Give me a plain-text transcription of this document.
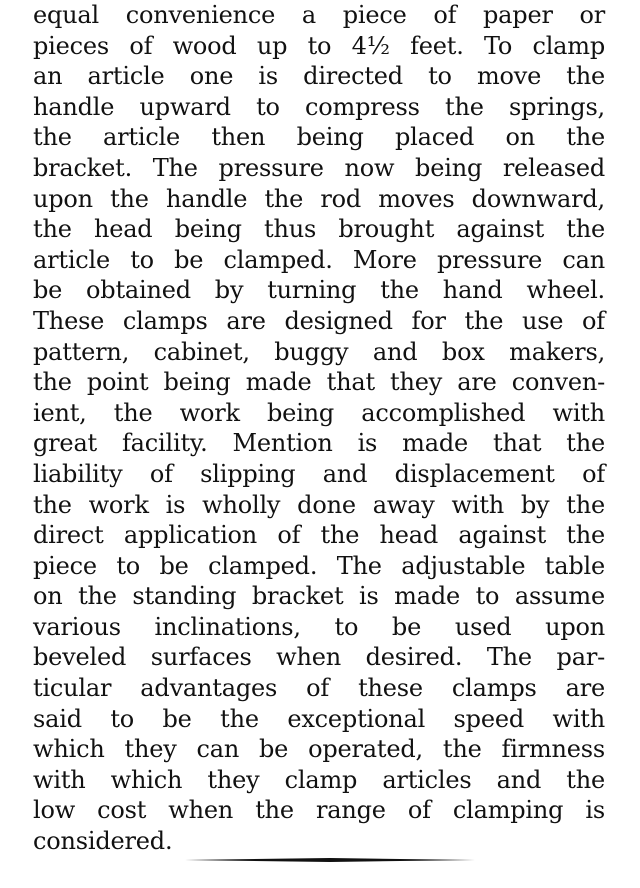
equal convenience a piece of paper or
pieces of wood up to 4½ feet. To clamp
an article one is directed to move the
handle upward to compress the springs,
the article then being placed on the
bracket. The pressure now being released
upon the handle the rod moves downward,
the head being thus brought against the
article to be clamped. More pressure can
be obtained by turning the hand wheel.
These clamps are designed for the use of
pattern, cabinet, buggy and box makers,
the point being made that they are conven-
ient, the work being accomplished with
great facility. Mention is made that the
liability of slipping and displacement of
the work is wholly done away with by the
direct application of the head against the
piece to be clamped. The adjustable table
on the standing bracket is made to assume
various inclinations, to be used upon
beveled surfaces when desired. The par-
ticular advantages of these clamps are
said to be the exceptional speed with
which they can be operated, the firmness
with which they clamp articles and the
low cost when the range of clamping is
considered.
